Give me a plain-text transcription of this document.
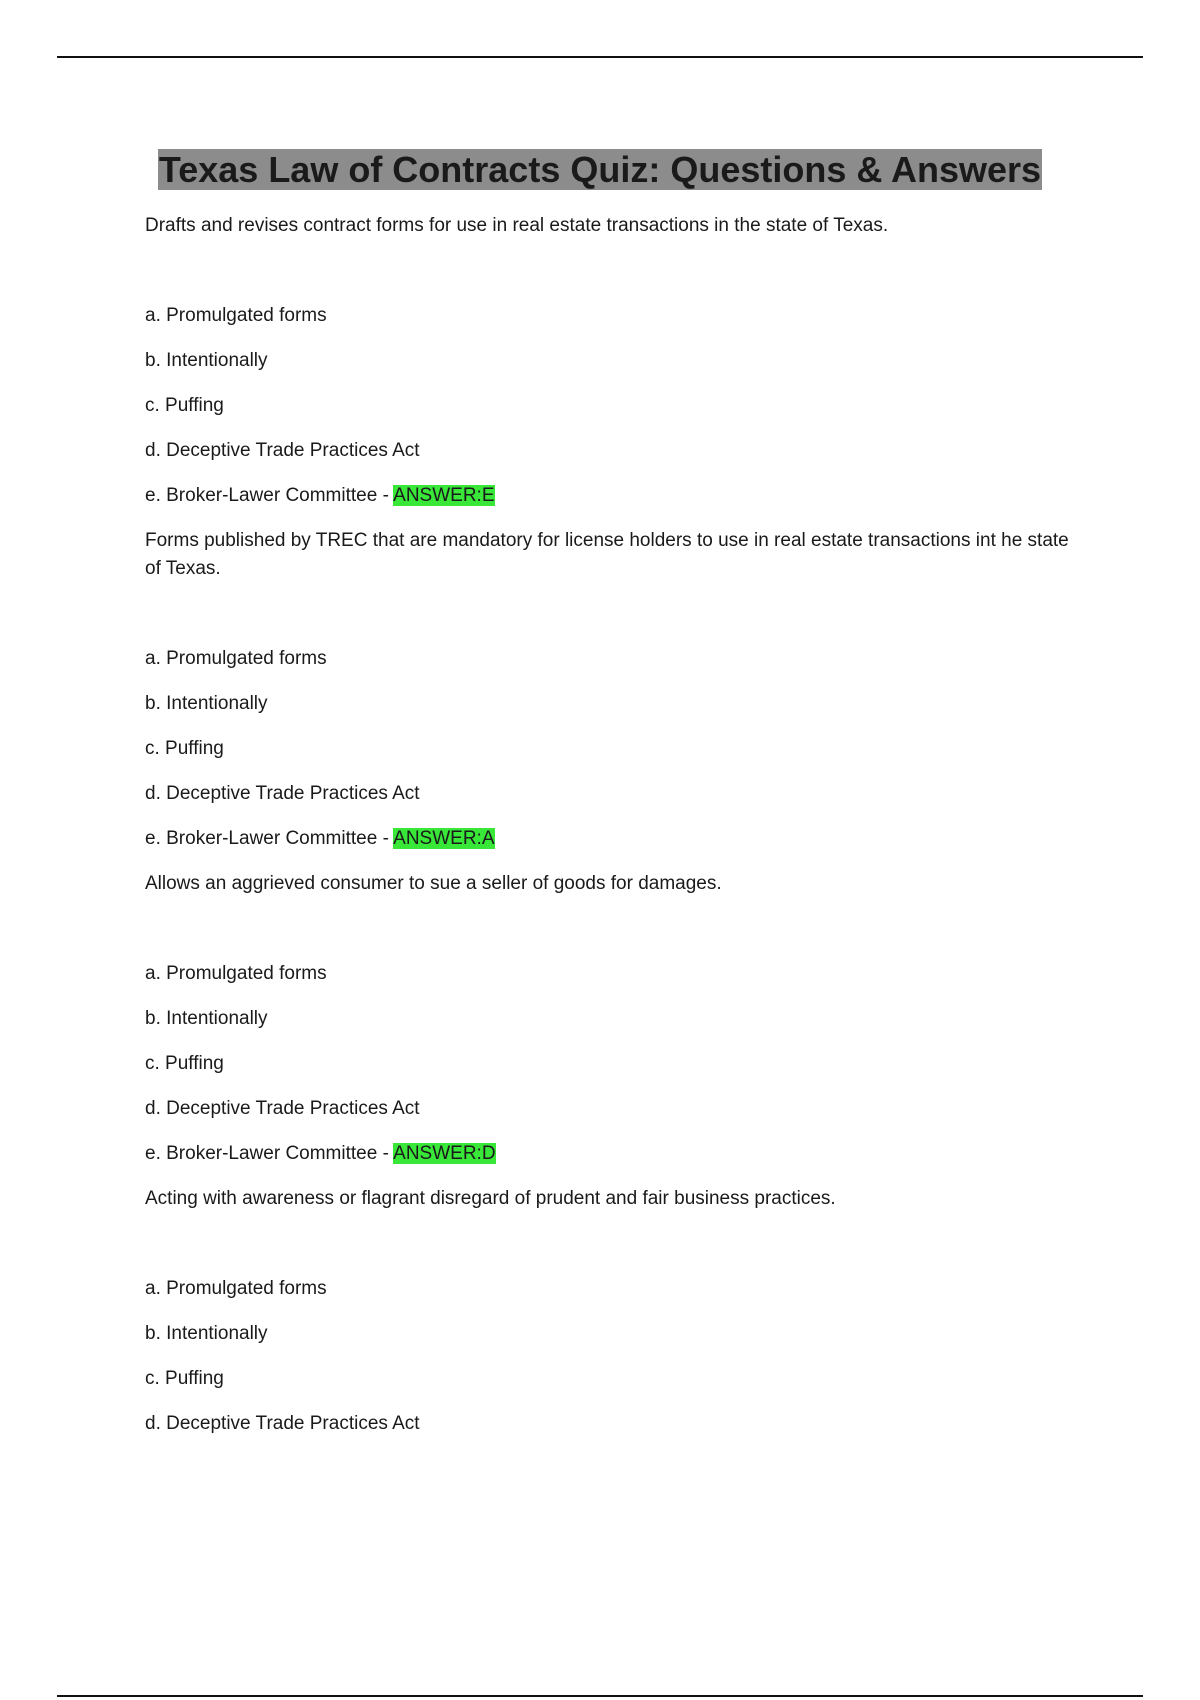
Texas Law of Contracts Quiz: Questions & Answers

Drafts and revises contract forms for use in real estate transactions in the state of Texas.

a. Promulgated forms

b. Intentionally

c. Puffing

d. Deceptive Trade Practices Act

e. Broker-Lawer Committee - ANSWER:E

Forms published by TREC that are mandatory for license holders to use in real estate transactions int he state of Texas.

a. Promulgated forms

b. Intentionally

c. Puffing

d. Deceptive Trade Practices Act

e. Broker-Lawer Committee - ANSWER:A

Allows an aggrieved consumer to sue a seller of goods for damages.

a. Promulgated forms

b. Intentionally

c. Puffing

d. Deceptive Trade Practices Act

e. Broker-Lawer Committee - ANSWER:D

Acting with awareness or flagrant disregard of prudent and fair business practices.

a. Promulgated forms

b. Intentionally

c. Puffing

d. Deceptive Trade Practices Act
